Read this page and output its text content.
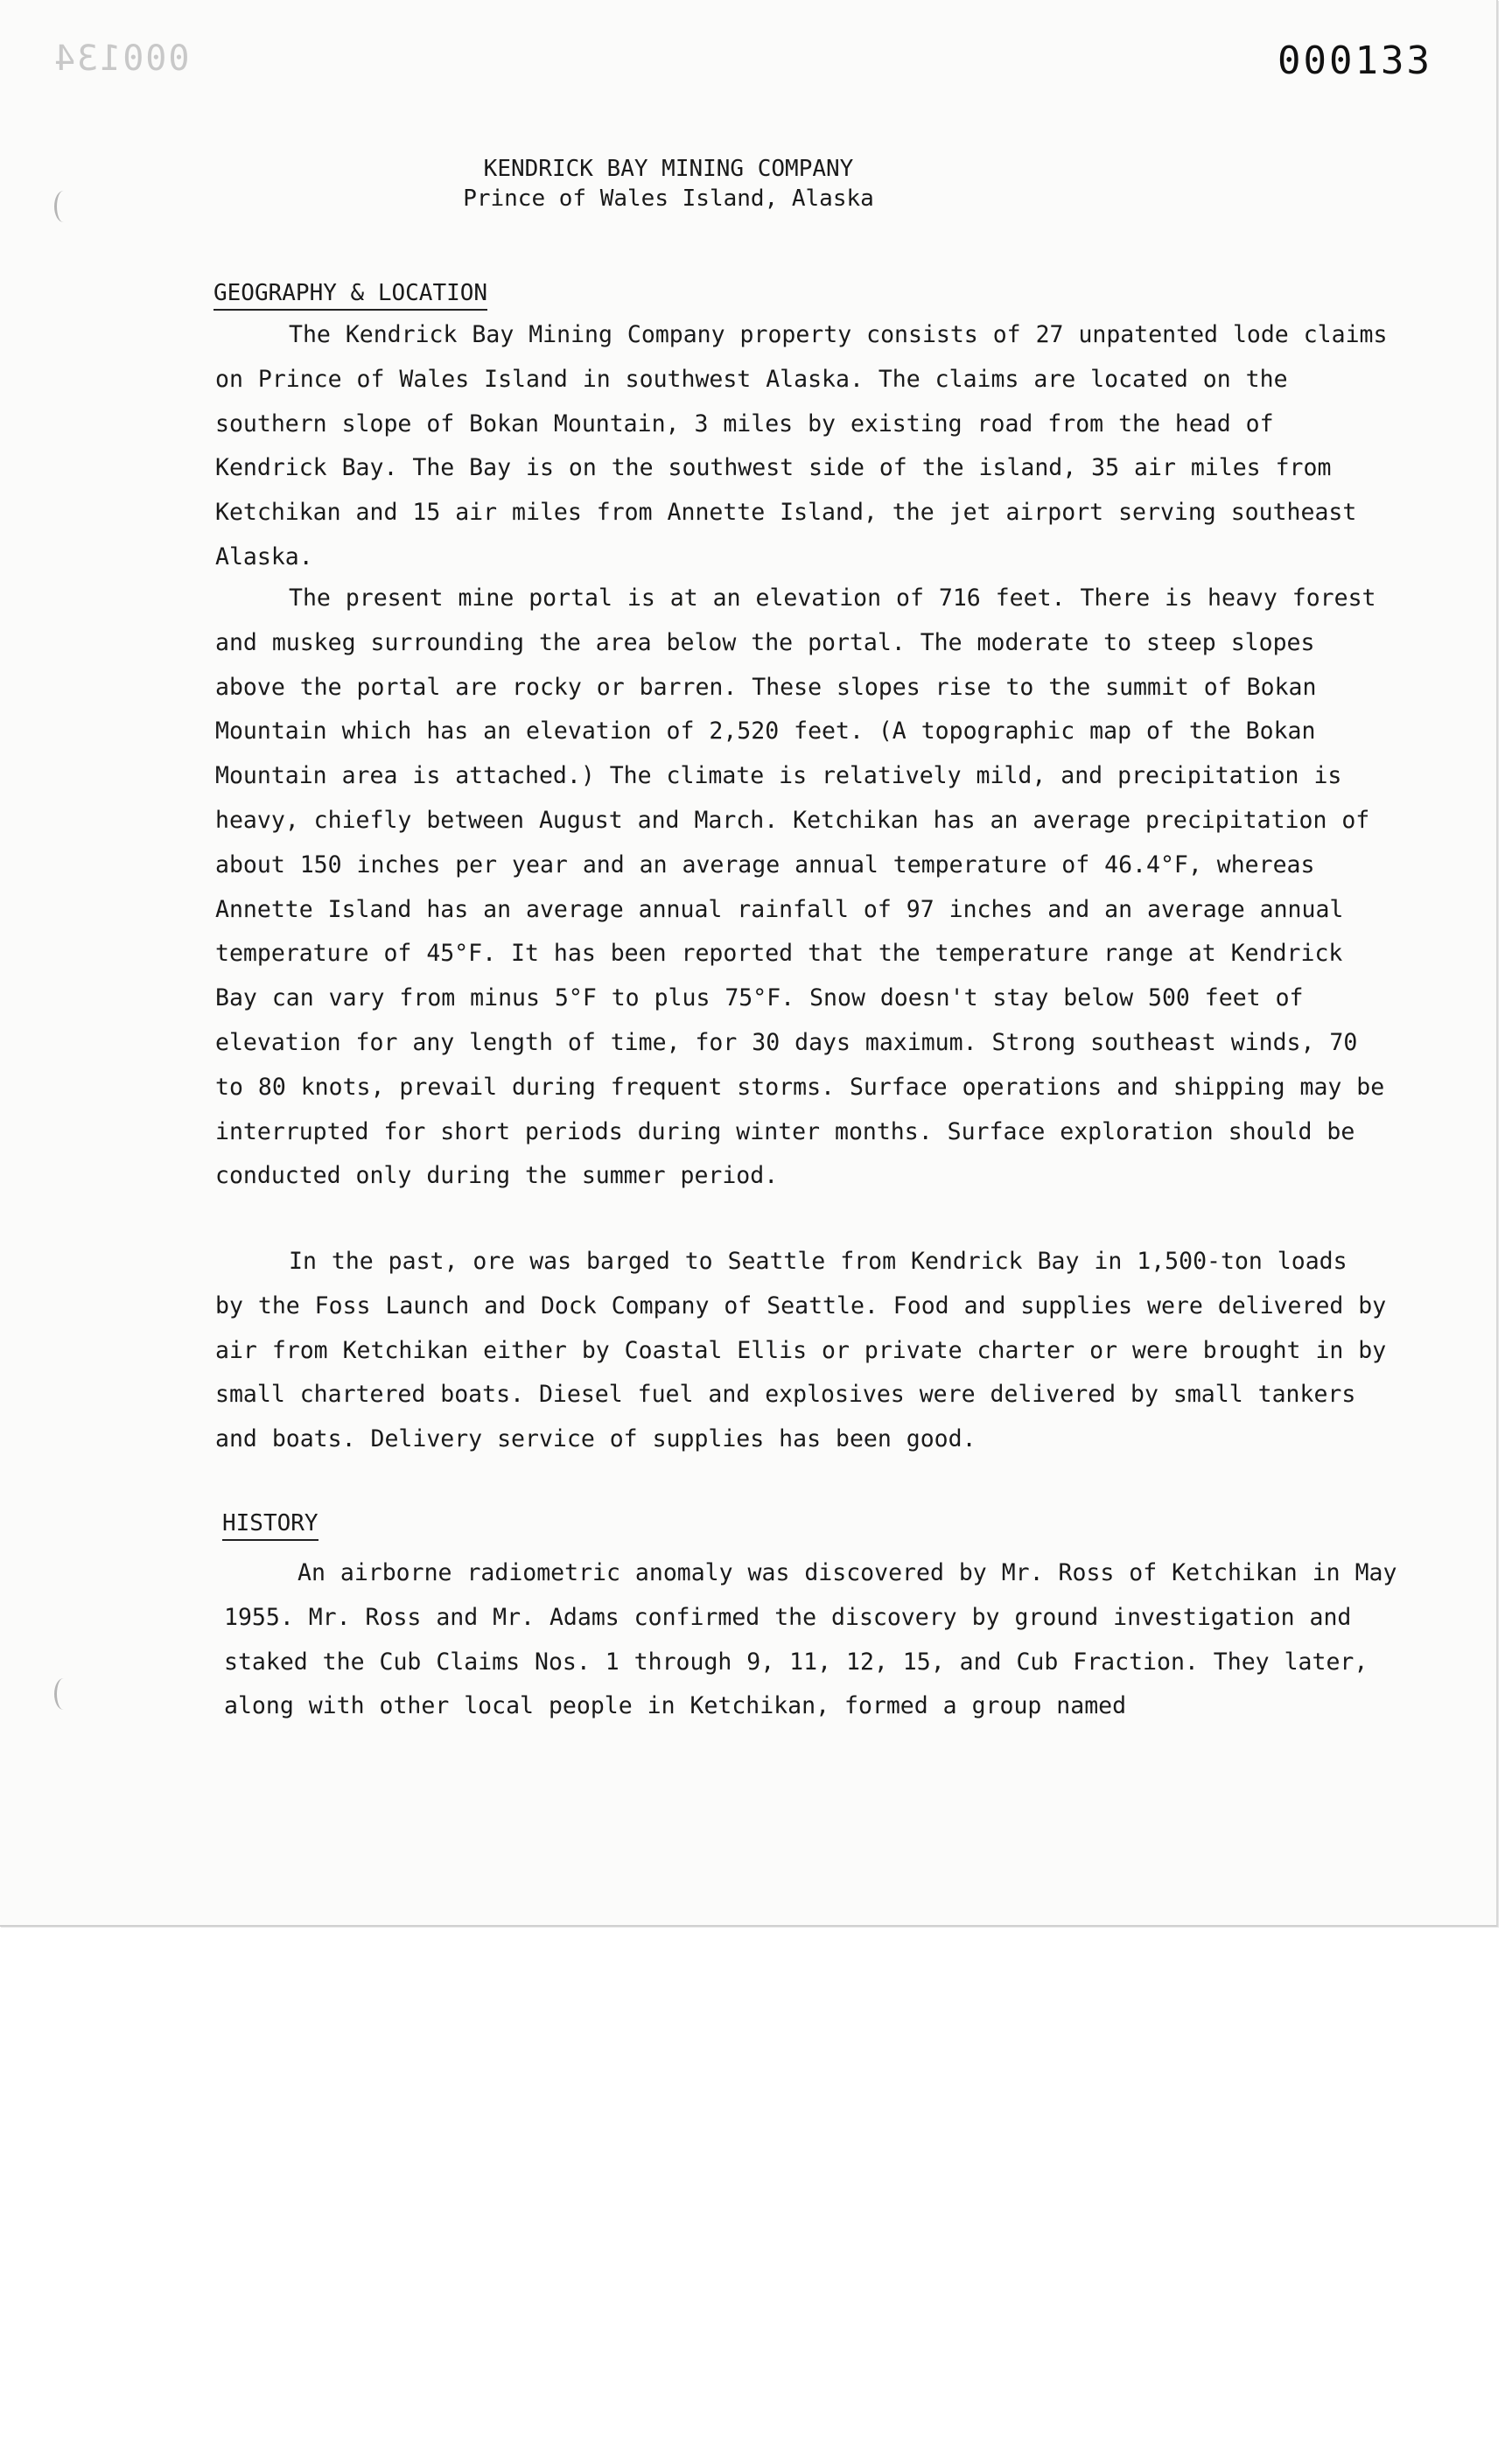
000134	000133
KENDRICK BAY MINING COMPANY
Prince of Wales Island, Alaska
GEOGRAPHY & LOCATION

The Kendrick Bay Mining Company property consists of 27 unpatented lode claims on Prince of Wales Island in southwest Alaska. The claims are located on the southern slope of Bokan Mountain, 3 miles by existing road from the head of Kendrick Bay. The Bay is on the southwest side of the island, 35 air miles from Ketchikan and 15 air miles from Annette Island, the jet airport serving southeast Alaska.

The present mine portal is at an elevation of 716 feet. There is heavy forest and muskeg surrounding the area below the portal. The moderate to steep slopes above the portal are rocky or barren. These slopes rise to the summit of Bokan Mountain which has an elevation of 2,520 feet. (A topographic map of the Bokan Mountain area is attached.) The climate is relatively mild, and precipitation is heavy, chiefly between August and March. Ketchikan has an average precipitation of about 150 inches per year and an average annual temperature of 46.4°F, whereas Annette Island has an average annual rainfall of 97 inches and an average annual temperature of 45°F. It has been reported that the temperature range at Kendrick Bay can vary from minus 5°F to plus 75°F. Snow doesn't stay below 500 feet of elevation for any length of time, for 30 days maximum. Strong southeast winds, 70 to 80 knots, prevail during frequent storms. Surface operations and shipping may be interrupted for short periods during winter months. Surface exploration should be conducted only during the summer period.

In the past, ore was barged to Seattle from Kendrick Bay in 1,500-ton loads by the Foss Launch and Dock Company of Seattle. Food and supplies were delivered by air from Ketchikan either by Coastal Ellis or private charter or were brought in by small chartered boats. Diesel fuel and explosives were delivered by small tankers and boats. Delivery service of supplies has been good.

HISTORY

An airborne radiometric anomaly was discovered by Mr. Ross of Ketchikan in May 1955. Mr. Ross and Mr. Adams confirmed the discovery by ground investigation and staked the Cub Claims Nos. 1 through 9, 11, 12, 15, and Cub Fraction. They later, along with other local people in Ketchikan, formed a group named
